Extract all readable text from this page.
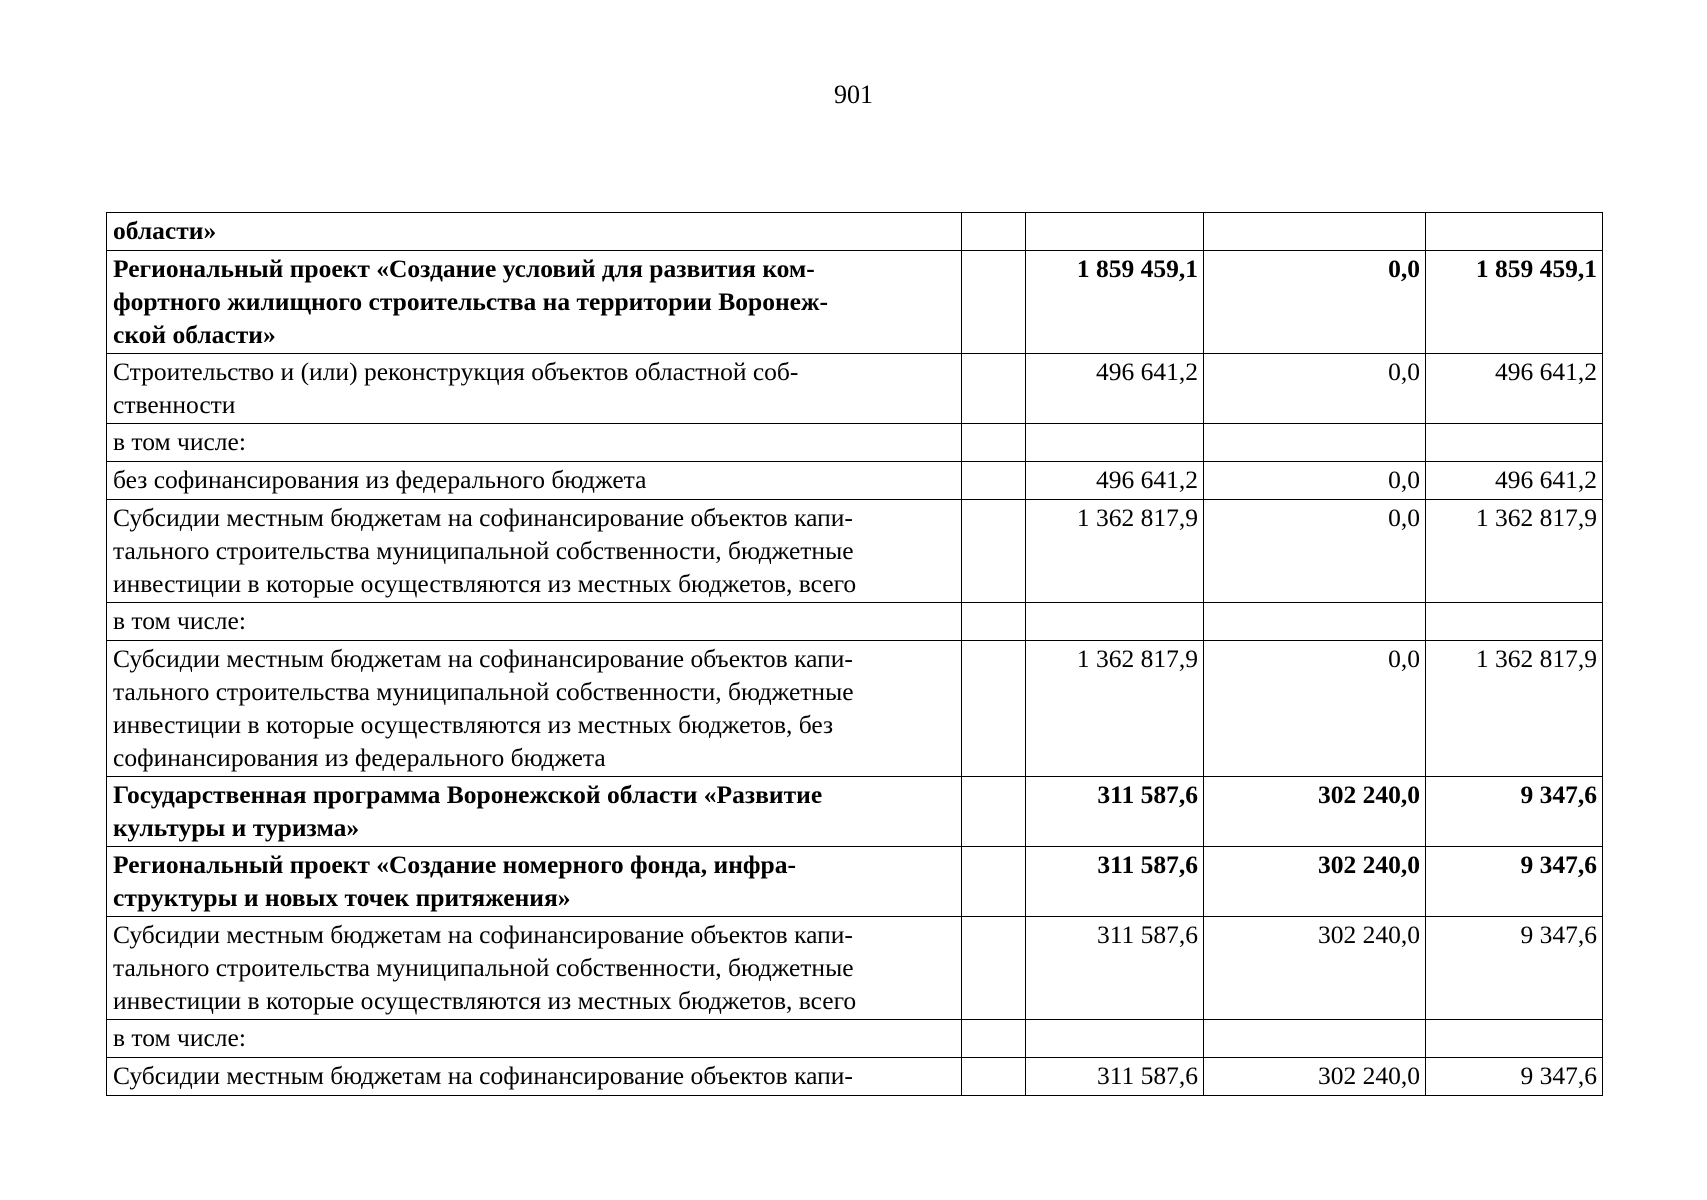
901
области»				
Региональный проект «Создание условий для развития ком-
фортного жилищного строительства на территории Воронеж-
ской области»		1 859 459,1	0,0	1 859 459,1
Строительство и (или) реконструкция объектов областной соб-
ственности		496 641,2	0,0	496 641,2
в том числе:				
без софинансирования из федерального бюджета		496 641,2	0,0	496 641,2
Субсидии местным бюджетам на софинансирование объектов капи-
тального строительства муниципальной собственности, бюджетные
инвестиции в которые осуществляются из местных бюджетов, всего		1 362 817,9	0,0	1 362 817,9
в том числе:				
Субсидии местным бюджетам на софинансирование объектов капи-
тального строительства муниципальной собственности, бюджетные
инвестиции в которые осуществляются из местных бюджетов, без
софинансирования из федерального бюджета		1 362 817,9	0,0	1 362 817,9
Государственная программа Воронежской области «Развитие
культуры и туризма»		311 587,6	302 240,0	9 347,6
Региональный проект «Создание номерного фонда, инфра-
структуры и новых точек притяжения»		311 587,6	302 240,0	9 347,6
Субсидии местным бюджетам на софинансирование объектов капи-
тального строительства муниципальной собственности, бюджетные
инвестиции в которые осуществляются из местных бюджетов, всего		311 587,6	302 240,0	9 347,6
в том числе:				
Субсидии местным бюджетам на софинансирование объектов капи-		311 587,6	302 240,0	9 347,6
